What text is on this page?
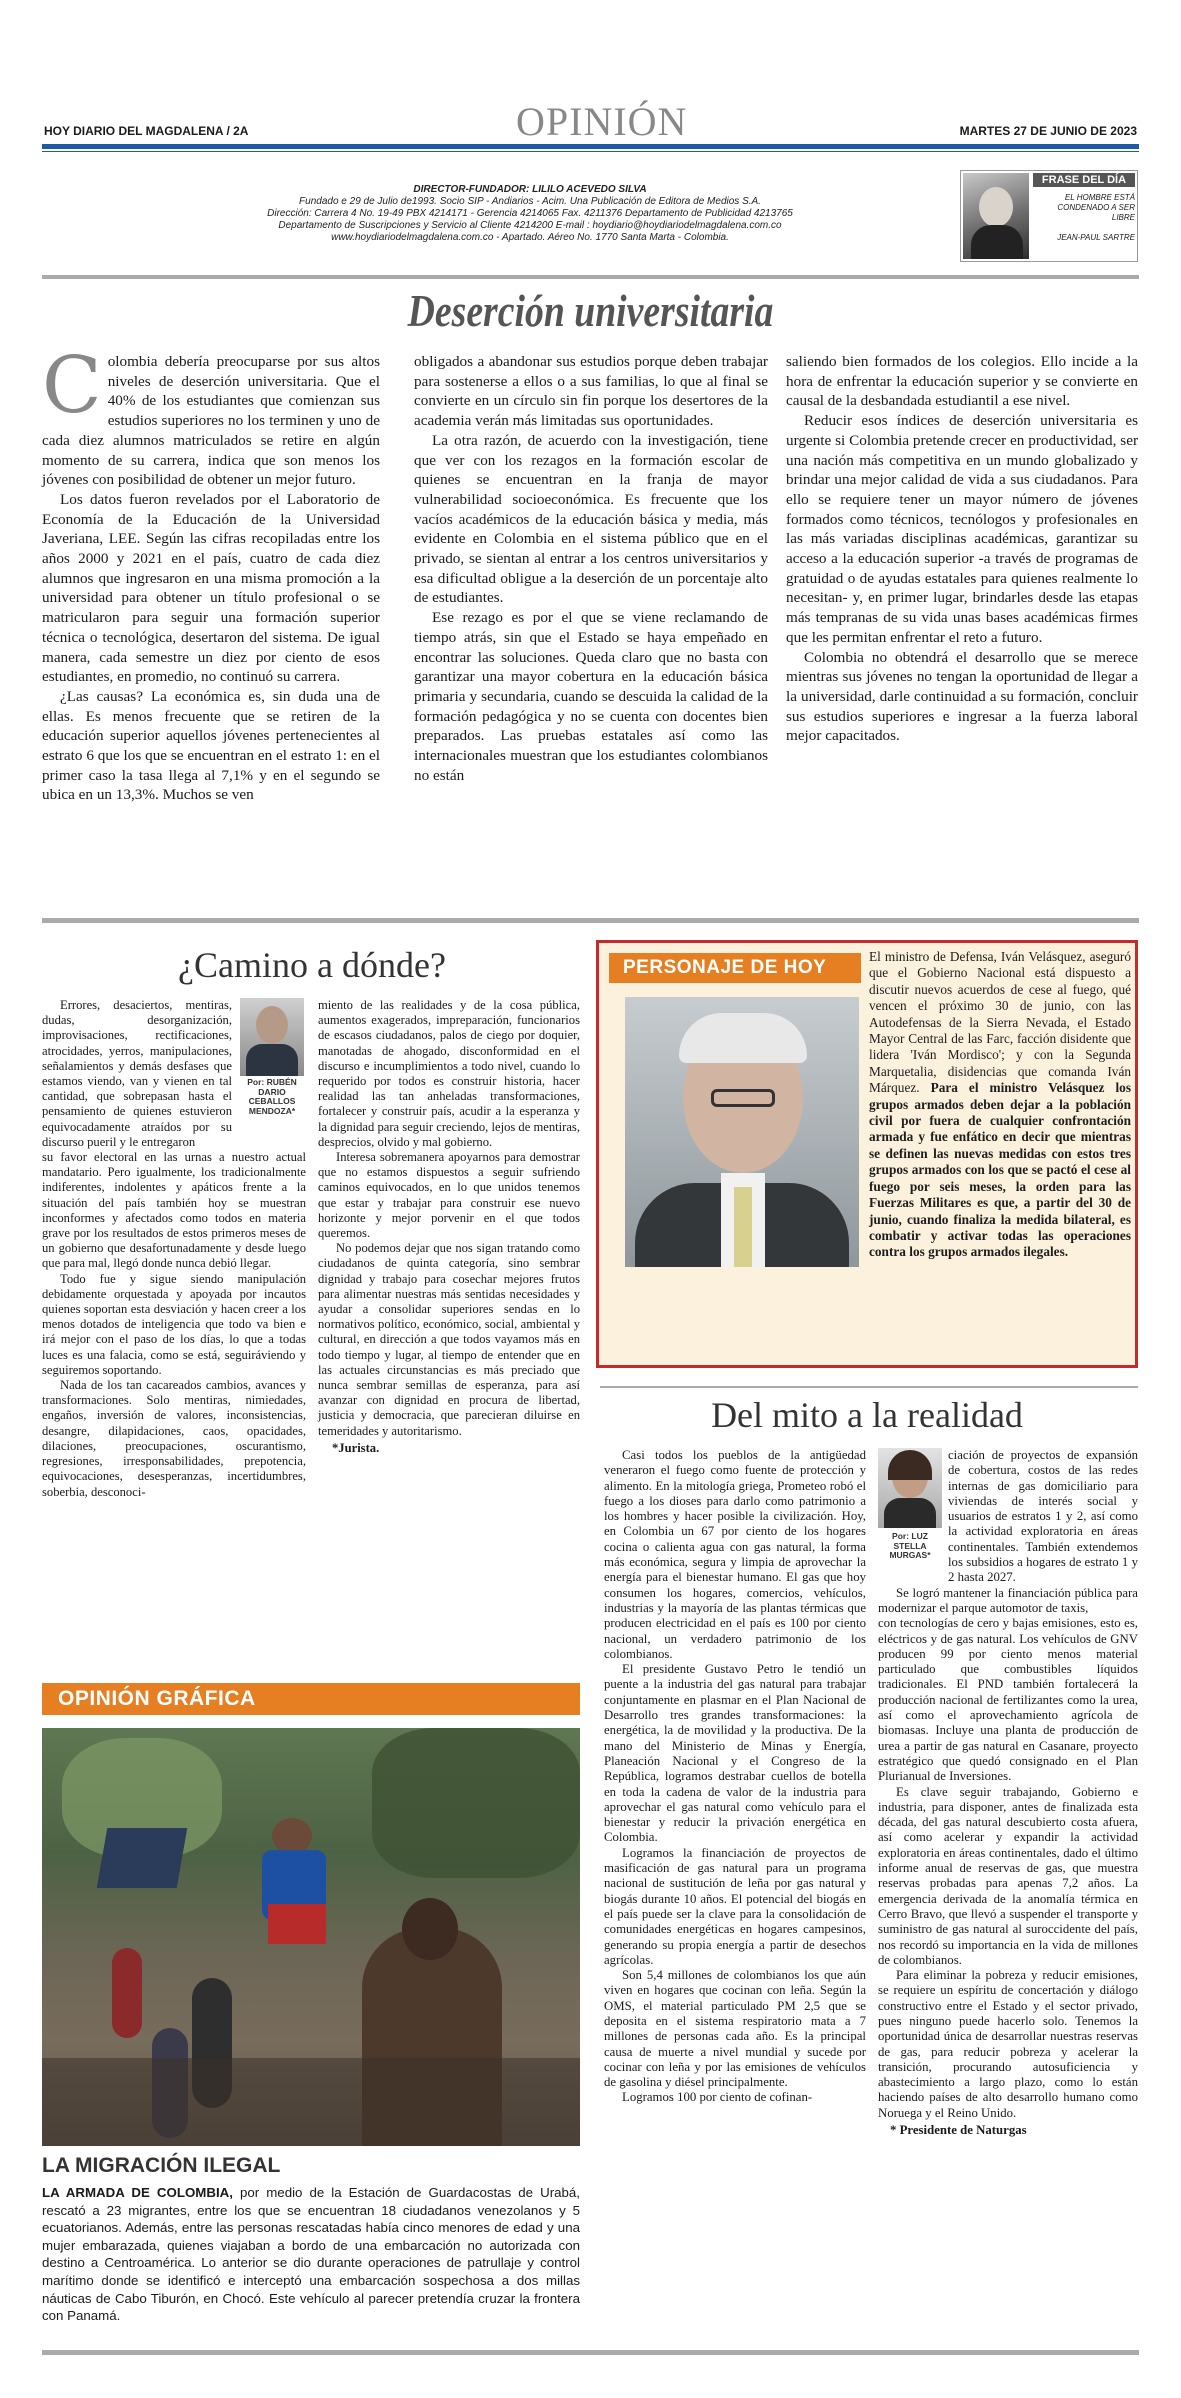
HOY DIARIO DEL MAGDALENA / 2A	OPINIÓN	MARTES 27 DE JUNIO DE 2023
DIRECTOR-FUNDADOR: LILILO ACEVEDO SILVA
Fundado e 29 de Julio de1993. Socio SIP - Andiarios - Acim. Una Publicación de Editora de Medios S.A.
Dirección: Carrera 4 No. 19-49 PBX 4214171 - Gerencia 4214065 Fax. 4211376 Departamento de Publicidad 4213765
Departamento de Suscripciones y Servicio al Cliente 4214200 E-mail : hoydiario@hoydiariodelmagdalena.com.co
www.hoydiariodelmagdalena.com.co - Apartado. Aéreo No. 1770 Santa Marta - Colombia.
FRASE DEL DÍA
EL HOMBRE ESTÁ CONDENADO A SER LIBRE
JEAN-PAUL SARTRE
Deserción universitaria
C olombia debería preocuparse por sus altos niveles de deserción universitaria. Que el 40% de los estudiantes que comienzan sus estudios superiores no los terminen y uno de cada diez alumnos matriculados se retire en algún momento de su carrera, indica que son menos los jóvenes con posibilidad de obtener un mejor futuro.

Los datos fueron revelados por el Laboratorio de Economía de la Educación de la Universidad Javeriana, LEE. Según las cifras recopiladas entre los años 2000 y 2021 en el país, cuatro de cada diez alumnos que ingresaron en una misma promoción a la universidad para obtener un título profesional o se matricularon para seguir una formación superior técnica o tecnológica, desertaron del sistema. De igual manera, cada semestre un diez por ciento de esos estudiantes, en promedio, no continuó su carrera.

¿Las causas? La económica es, sin duda una de ellas. Es menos frecuente que se retiren de la educación superior aquellos jóvenes pertenecientes al estrato 6 que los que se encuentran en el estrato 1: en el primer caso la tasa llega al 7,1% y en el segundo se ubica en un 13,3%. Muchos se ven

obligados a abandonar sus estudios porque deben trabajar para sostenerse a ellos o a sus familias, lo que al final se convierte en un círculo sin fin porque los desertores de la academia verán más limitadas sus oportunidades.

La otra razón, de acuerdo con la investigación, tiene que ver con los rezagos en la formación escolar de quienes se encuentran en la franja de mayor vulnerabilidad socioeconómica. Es frecuente que los vacíos académicos de la educación básica y media, más evidente en Colombia en el sistema público que en el privado, se sientan al entrar a los centros universitarios y esa dificultad obligue a la deserción de un porcentaje alto de estudiantes.

Ese rezago es por el que se viene reclamando de tiempo atrás, sin que el Estado se haya empeñado en encontrar las soluciones. Queda claro que no basta con garantizar una mayor cobertura en la educación básica primaria y secundaria, cuando se descuida la calidad de la formación pedagógica y no se cuenta con docentes bien preparados. Las pruebas estatales así como las internacionales muestran que los estudiantes colombianos no están

saliendo bien formados de los colegios. Ello incide a la hora de enfrentar la educación superior y se convierte en causal de la desbandada estudiantil a ese nivel.

Reducir esos índices de deserción universitaria es urgente si Colombia pretende crecer en productividad, ser una nación más competitiva en un mundo globalizado y brindar una mejor calidad de vida a sus ciudadanos. Para ello se requiere tener un mayor número de jóvenes formados como técnicos, tecnólogos y profesionales en las más variadas disciplinas académicas, garantizar su acceso a la educación superior -a través de programas de gratuidad o de ayudas estatales para quienes realmente lo necesitan- y, en primer lugar, brindarles desde las etapas más tempranas de su vida unas bases académicas firmes que les permitan enfrentar el reto a futuro.

Colombia no obtendrá el desarrollo que se merece mientras sus jóvenes no tengan la oportunidad de llegar a la universidad, darle continuidad a su formación, concluir sus estudios superiores e ingresar a la fuerza laboral mejor capacitados.

¿Camino a dónde?
Por: RUBÉN DARIO CEBALLOS MENDOZA*

Errores, desaciertos, mentiras, dudas, desorganización, improvisaciones, rectificaciones, atrocidades, yerros, manipulaciones, señalamientos y demás desfases que estamos viendo, van y vienen en tal cantidad, que sobrepasan hasta el pensamiento de quienes estuvieron equivocadamente atraídos por su discurso pueril y le entregaron

su favor electoral en las urnas a nuestro actual mandatario. Pero igualmente, los tradicionalmente indiferentes, indolentes y apáticos frente a la situación del país también hoy se muestran inconformes y afectados como todos en materia grave por los resultados de estos primeros meses de un gobierno que desafortunadamente y desde luego que para mal, llegó donde nunca debió llegar.

Todo fue y sigue siendo manipulación debidamente orquestada y apoyada por incautos quienes soportan esta desviación y hacen creer a los menos dotados de inteligencia que todo va bien e irá mejor con el paso de los días, lo que a todas luces es una falacia, como se está, seguiráviendo y seguiremos soportando.

Nada de los tan cacareados cambios, avances y transformaciones. Solo mentiras, nimiedades, engaños, inversión de valores, inconsistencias, desangre, dilapidaciones, caos, opacidades, dilaciones, preocupaciones, oscurantismo, regresiones, irresponsabilidades, prepotencia, equivocaciones, desesperanzas, incertidumbres, soberbia, desconoci-

miento de las realidades y de la cosa pública, aumentos exagerados, impreparación, funcionarios de escasos ciudadanos, palos de ciego por doquier, manotadas de ahogado, disconformidad en el discurso e incumplimientos a todo nivel, cuando lo requerido por todos es construir historia, hacer realidad las tan anheladas transformaciones, fortalecer y construir país, acudir a la esperanza y la dignidad para seguir creciendo, lejos de mentiras, desprecios, olvido y mal gobierno.

Interesa sobremanera apoyarnos para demostrar que no estamos dispuestos a seguir sufriendo caminos equivocados, en lo que unidos tenemos que estar y trabajar para construir ese nuevo horizonte y mejor porvenir en el que todos queremos.

No podemos dejar que nos sigan tratando como ciudadanos de quinta categoría, sino sembrar dignidad y trabajo para cosechar mejores frutos para alimentar nuestras más sentidas necesidades y ayudar a consolidar superiores sendas en lo normativos político, económico, social, ambiental y cultural, en dirección a que todos vayamos más en todo tiempo y lugar, al tiempo de entender que en las actuales circunstancias es más preciado que nunca sembrar semillas de esperanza, para así avanzar con dignidad en procura de libertad, justicia y democracia, que parecieran diluirse en temeridades y autoritarismo.

*Jurista.

PERSONAJE DE HOY
El ministro de Defensa, Iván Velásquez, aseguró que el Gobierno Nacional está dispuesto a discutir nuevos acuerdos de cese al fuego, qué vencen el próximo 30 de junio, con las Autodefensas de la Sierra Nevada, el Estado Mayor Central de las Farc, facción disidente que lidera 'Iván Mordisco'; y con la Segunda Marquetalia, disidencias que comanda Iván Márquez. Para el ministro Velásquez los grupos armados deben dejar a la población civil por fuera de cualquier confrontación armada y fue enfático en decir que mientras se definen las nuevas medidas con estos tres grupos armados con los que se pactó el cese al fuego por seis meses, la orden para las Fuerzas Militares es que, a partir del 30 de junio, cuando finaliza la medida bilateral, es combatir y activar todas las operaciones contra los grupos armados ilegales.
Del mito a la realidad

Casi todos los pueblos de la antigüedad veneraron el fuego como fuente de protección y alimento. En la mitología griega, Prometeo robó el fuego a los dioses para darlo como patrimonio a los hombres y hacer posible la civilización. Hoy, en Colombia un 67 por ciento de los hogares cocina o calienta agua con gas natural, la forma más económica, segura y limpia de aprovechar la energía para el bienestar humano. El gas que hoy consumen los hogares, comercios, vehículos, industrias y la mayoría de las plantas térmicas que producen electricidad en el país es 100 por ciento nacional, un verdadero patrimonio de los colombianos.

El presidente Gustavo Petro le tendió un puente a la industria del gas natural para trabajar conjuntamente en plasmar en el Plan Nacional de Desarrollo tres grandes transformaciones: la energética, la de movilidad y la productiva. De la mano del Ministerio de Minas y Energía, Planeación Nacional y el Congreso de la República, logramos destrabar cuellos de botella en toda la cadena de valor de la industria para aprovechar el gas natural como vehículo para el bienestar y reducir la privación energética en Colombia.

Logramos la financiación de proyectos de masificación de gas natural para un programa nacional de sustitución de leña por gas natural y biogás durante 10 años. El potencial del biogás en el país puede ser la clave para la consolidación de comunidades energéticas en hogares campesinos, generando su propia energía a partir de desechos agrícolas.

Son 5,4 millones de colombianos los que aún viven en hogares que cocinan con leña. Según la OMS, el material particulado PM 2,5 que se deposita en el sistema respiratorio mata a 7 millones de personas cada año. Es la principal causa de muerte a nivel mundial y sucede por cocinar con leña y por las emisiones de vehículos de gasolina y diésel principalmente.

Logramos 100 por ciento de cofinan-

Por: LUZ STELLA MURGAS*

ciación de proyectos de expansión de cobertura, costos de las redes internas de gas domiciliario para viviendas de interés social y usuarios de estratos 1 y 2, así como la actividad exploratoria en áreas continentales. También extendemos los subsidios a hogares de estrato 1 y 2 hasta 2027.

Se logró mantener la financiación pública para modernizar el parque automotor de taxis,

con tecnologías de cero y bajas emisiones, esto es, eléctricos y de gas natural. Los vehículos de GNV producen 99 por ciento menos material particulado que combustibles líquidos tradicionales. El PND también fortalecerá la producción nacional de fertilizantes como la urea, así como el aprovechamiento agrícola de biomasas. Incluye una planta de producción de urea a partir de gas natural en Casanare, proyecto estratégico que quedó consignado en el Plan Plurianual de Inversiones.

Es clave seguir trabajando, Gobierno e industria, para disponer, antes de finalizada esta década, del gas natural descubierto costa afuera, así como acelerar y expandir la actividad exploratoria en áreas continentales, dado el último informe anual de reservas de gas, que muestra reservas probadas para apenas 7,2 años. La emergencia derivada de la anomalía térmica en Cerro Bravo, que llevó a suspender el transporte y suministro de gas natural al suroccidente del país, nos recordó su importancia en la vida de millones de colombianos.

Para eliminar la pobreza y reducir emisiones, se requiere un espíritu de concertación y diálogo constructivo entre el Estado y el sector privado, pues ninguno puede hacerlo solo. Tenemos la oportunidad única de desarrollar nuestras reservas de gas, para reducir pobreza y acelerar la transición, procurando autosuficiencia y abastecimiento a largo plazo, como lo están haciendo países de alto desarrollo humano como Noruega y el Reino Unido.

* Presidente de Naturgas

OPINIÓN GRÁFICA
LA MIGRACIÓN ILEGAL
LA ARMADA DE COLOMBIA, por medio de la Estación de Guardacostas de Urabá, rescató a 23 migrantes, entre los que se encuentran 18 ciudadanos venezolanos y 5 ecuatorianos. Además, entre las personas rescatadas había cinco menores de edad y una mujer embarazada, quienes viajaban a bordo de una embarcación no autorizada con destino a Centroamérica. Lo anterior se dio durante operaciones de patrullaje y control marítimo donde se identificó e interceptó una embarcación sospechosa a dos millas náuticas de Cabo Tiburón, en Chocó. Este vehículo al parecer pretendía cruzar la frontera con Panamá.
